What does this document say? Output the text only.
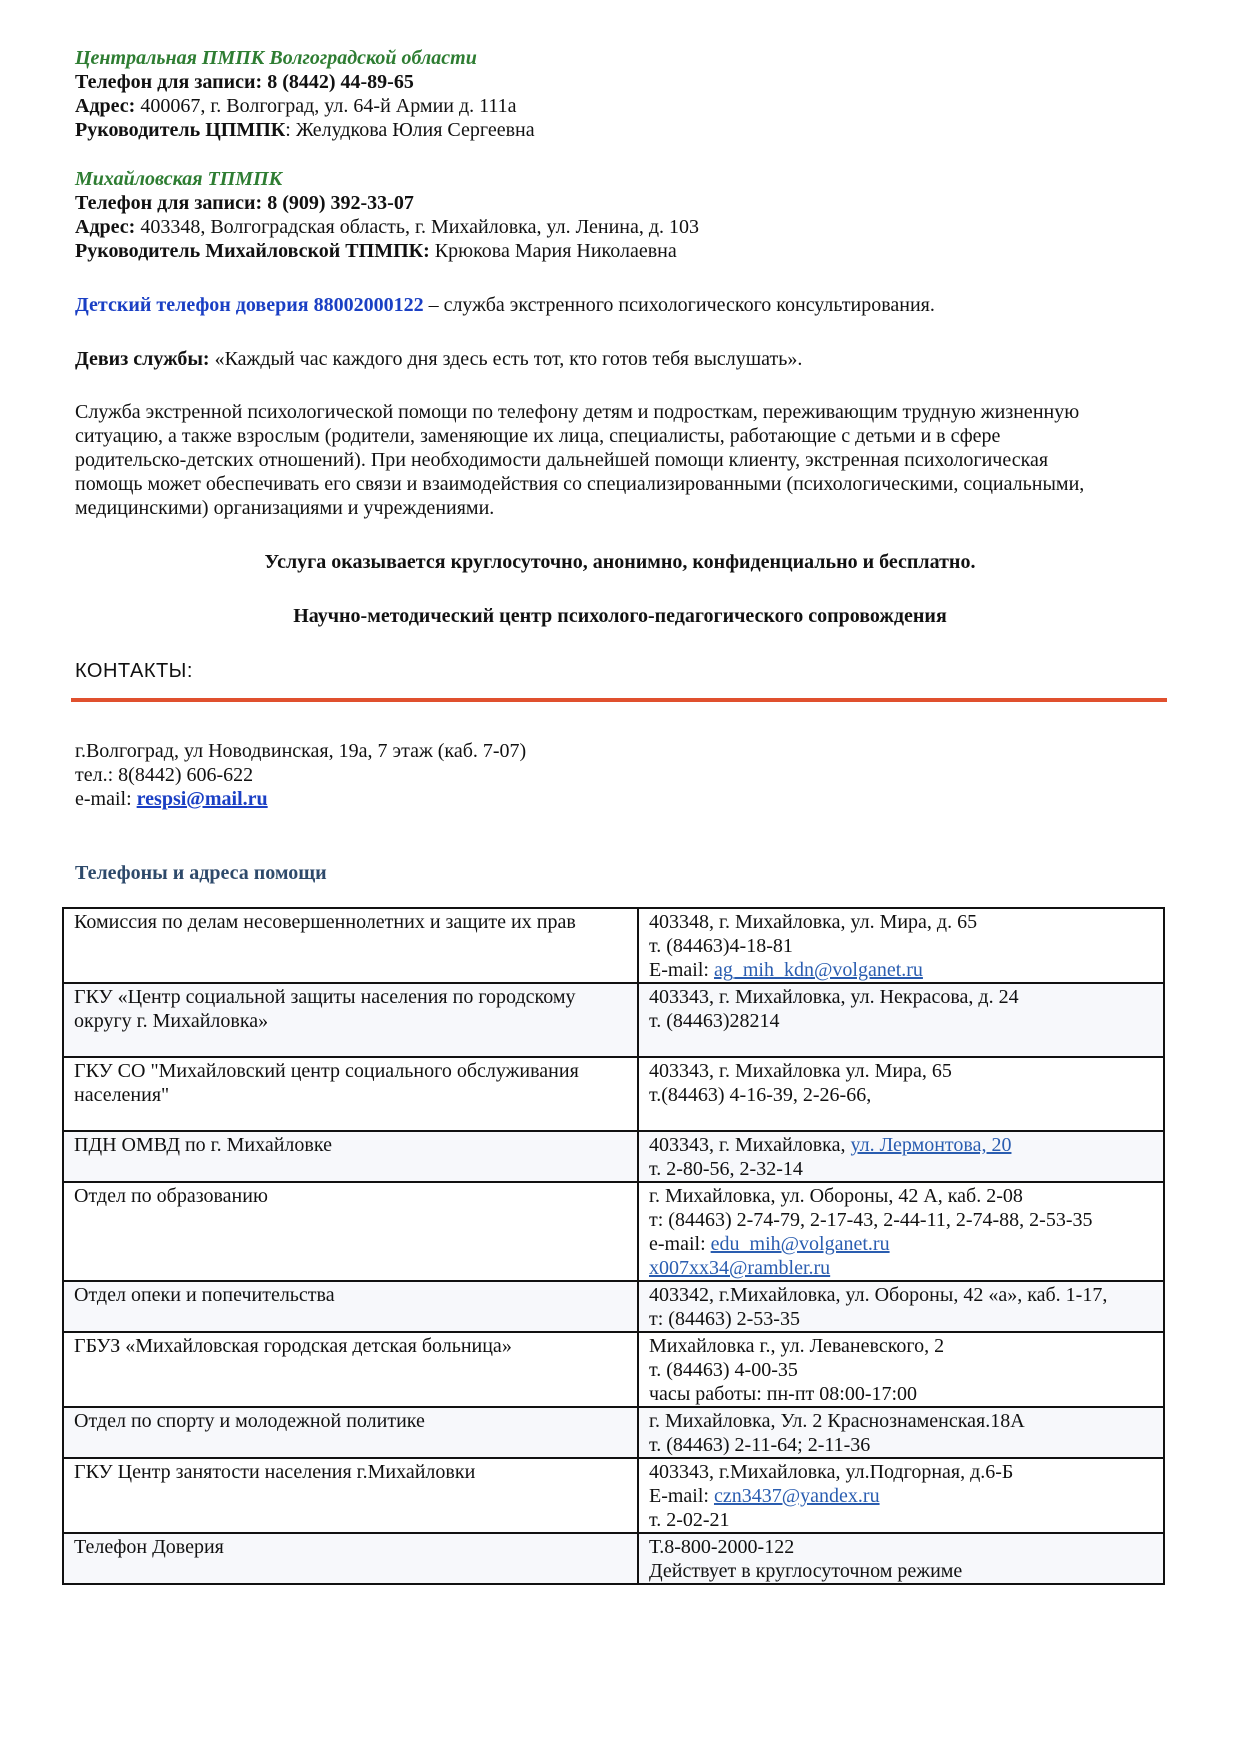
Центральная ПМПК Волгоградской области
Телефон для записи: 8 (8442) 44-89-65
Адрес: 400067, г. Волгоград, ул. 64-й Армии д. 111а
Руководитель ЦПМПК: Желудкова Юлия Сергеевна
Михайловская ТПМПК
Телефон для записи: 8 (909) 392-33-07
Адрес: 403348, Волгоградская область, г. Михайловка, ул. Ленина, д. 103
Руководитель Михайловской ТПМПК: Крюкова Мария Николаевна
Детский телефон доверия 88002000122 – служба экстренного психологического консультирования.
Девиз службы: «Каждый час каждого дня здесь есть тот, кто готов тебя выслушать».

Служба экстренной психологической помощи по телефону детям и подросткам, переживающим трудную жизненную

ситуацию, а также взрослым (родители, заменяющие их лица, специалисты, работающие с детьми и в сфере

родительско-детских отношений). При необходимости дальнейшей помощи клиенту, экстренная психологическая

помощь может обеспечивать его связи и взаимодействия со специализированными (психологическими, социальными,

медицинскими) организациями и учреждениями.

Услуга оказывается круглосуточно, анонимно, конфиденциально и бесплатно.
Научно-методический центр психолого-педагогического сопровождения
КОНТАКТЫ:
г.Волгоград, ул Новодвинская, 19а, 7 этаж (каб. 7-07)
тел.: 8(8442) 606-622
e-mail: respsi@mail.ru
Телефоны и адреса помощи
Комиссия по делам несовершеннолетних и защите их прав	403348, г. Михайловка, ул. Мира, д. 65
т. (84463)4-18-81
E-mail: ag_mih_kdn@volganet.ru

ГКУ «Центр социальной защиты населения по городскому
округу г. Михайловка»	403343, г. Михайловка, ул. Некрасова, д. 24
т. (84463)28214

ГКУ СО "Михайловский центр социального обслуживания
населения"	403343, г. Михайловка ул. Мира, 65
т.(84463) 4-16-39, 2-26-66,

ПДН ОМВД по г. Михайловке	403343, г. Михайловка, ул. Лермонтова, 20
т. 2-80-56, 2-32-14

Отдел по образованию	г. Михайловка, ул. Обороны, 42 А, каб. 2-08
т: (84463) 2-74-79, 2-17-43, 2-44-11, 2-74-88, 2-53-35
e-mail: edu_mih@volganet.ru
x007xx34@rambler.ru

Отдел опеки и попечительства	403342, г.Михайловка, ул. Обороны, 42 «а», каб. 1-17,
т: (84463) 2-53-35

ГБУЗ «Михайловская городская детская больница»	Михайловка г., ул. Леваневского, 2
т. (84463) 4-00-35
часы работы: пн-пт 08:00-17:00

Отдел по спорту и молодежной политике	г. Михайловка, Ул. 2 Краснознаменская.18А
т. (84463) 2-11-64; 2-11-36

ГКУ Центр занятости населения г.Михайловки	403343, г.Михайловка, ул.Подгорная, д.6-Б
E-mail: czn3437@yandex.ru
т. 2-02-21

Телефон Доверия	Т.8-800-2000-122
Действует в круглосуточном режиме
